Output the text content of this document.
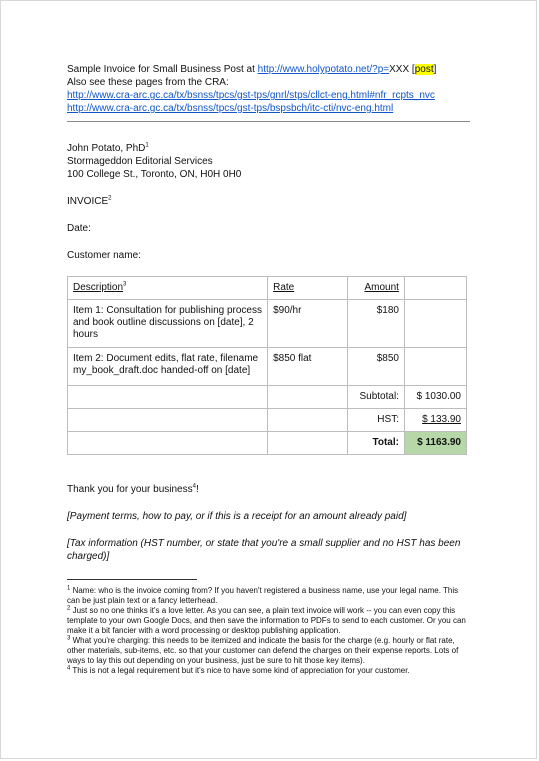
Sample Invoice for Small Business Post at http://www.holypotato.net/?p=XXX [post]
Also see these pages from the CRA:
http://www.cra-arc.gc.ca/tx/bsnss/tpcs/gst-tps/gnrl/stps/cllct-eng.html#nfr_rcpts_nvc
http://www.cra-arc.gc.ca/tx/bsnss/tpcs/gst-tps/bspsbch/itc-cti/nvc-eng.html
John Potato, PhD$^1$
Stormageddon Editorial Services
100 College St., Toronto, ON, H0H 0H0
INVOICE$^2$
Date:
Customer name:
Description$^3$	Rate	Amount	
Item 1: Consultation for publishing process and book outline discussions on [date], 2 hours	$90/hr	$180	
Item 2: Document edits, flat rate, filename my_book_draft.doc handed-off on [date]	$850 flat	$850	
		Subtotal:	$ 1030.00
		HST:	$ 133.90
		Total:	$ 1163.90
Thank you for your business$^4$!
[Payment terms, how to pay, or if this is a receipt for an amount already paid]
[Tax information (HST number, or state that you're a small supplier and no HST has been charged)]

$^1$ Name: who is the invoice coming from? If you haven't registered a business name, use your legal name. This can be just plain text or a fancy letterhead.

$^2$ Just so no one thinks it's a love letter. As you can see, a plain text invoice will work -- you can even copy this template to your own Google Docs, and then save the information to PDFs to send to each customer. Or you can make it a bit fancier with a word processing or desktop publishing application.

$^3$ What you're charging: this needs to be itemized and indicate the basis for the charge (e.g. hourly or flat rate, other materials, sub-items, etc. so that your customer can defend the charges on their expense reports. Lots of ways to lay this out depending on your business, just be sure to hit those key items).

$^4$ This is not a legal requirement but it's nice to have some kind of appreciation for your customer.
